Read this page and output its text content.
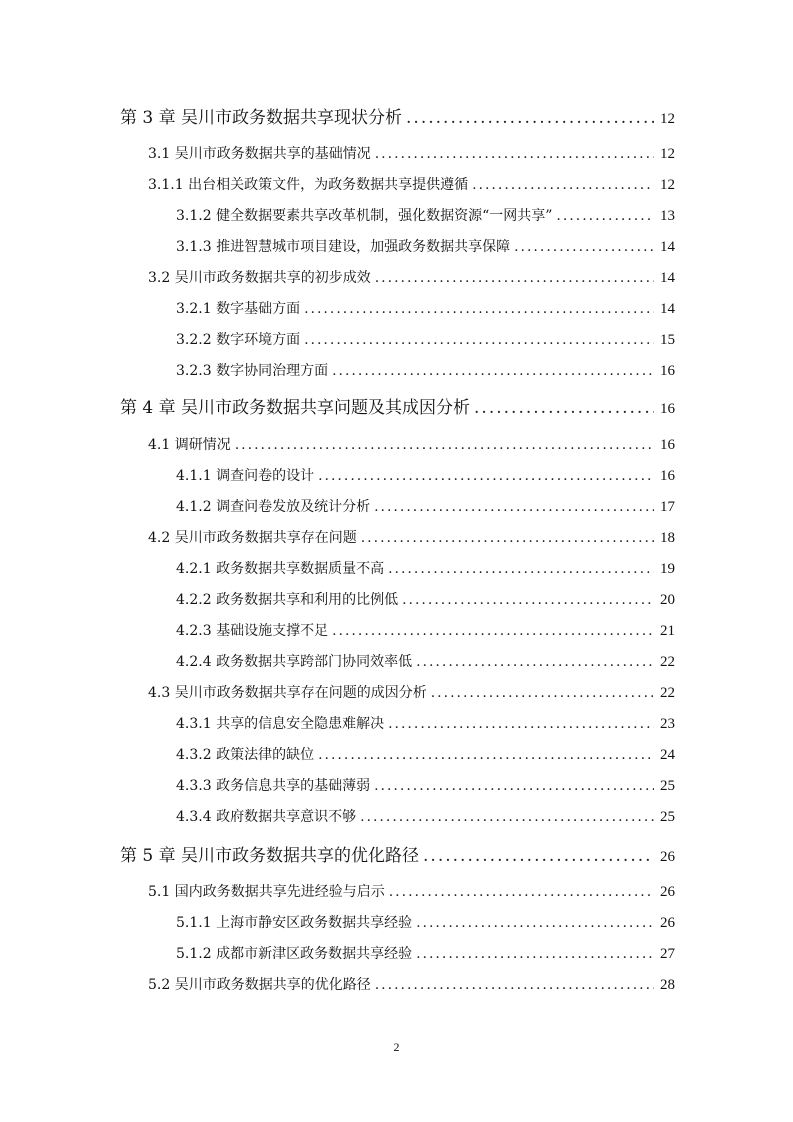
第 3 章 吴川市政务数据共享现状分析 .....	12
3.1 吴川市政务数据共享的基础情况 .....	12
3.1.1 出台相关政策文件，为政务数据共享提供遵循 .....	12
3.1.2 健全数据要素共享改革机制，强化数据资源“一网共享” .....	13
3.1.3 推进智慧城市项目建设，加强政务数据共享保障 .....	14
3.2 吴川市政务数据共享的初步成效 .....	14
3.2.1 数字基础方面 .....	14
3.2.2 数字环境方面 .....	15
3.2.3 数字协同治理方面 .....	16
第 4 章 吴川市政务数据共享问题及其成因分析 .....	16
4.1 调研情况 .....	16
4.1.1 调查问卷的设计 .....	16
4.1.2 调查问卷发放及统计分析 .....	17
4.2 吴川市政务数据共享存在问题 .....	18
4.2.1 政务数据共享数据质量不高 .....	19
4.2.2 政务数据共享和利用的比例低 .....	20
4.2.3 基础设施支撑不足 .....	21
4.2.4 政务数据共享跨部门协同效率低 .....	22
4.3 吴川市政务数据共享存在问题的成因分析 .....	22
4.3.1 共享的信息安全隐患难解决 .....	23
4.3.2 政策法律的缺位 .....	24
4.3.3 政务信息共享的基础薄弱 .....	25
4.3.4 政府数据共享意识不够 .....	25
第 5 章 吴川市政务数据共享的优化路径 .....	26
5.1 国内政务数据共享先进经验与启示 .....	26
5.1.1 上海市静安区政务数据共享经验 .....	26
5.1.2 成都市新津区政务数据共享经验 .....	27
5.2 吴川市政务数据共享的优化路径 .....	28
2
